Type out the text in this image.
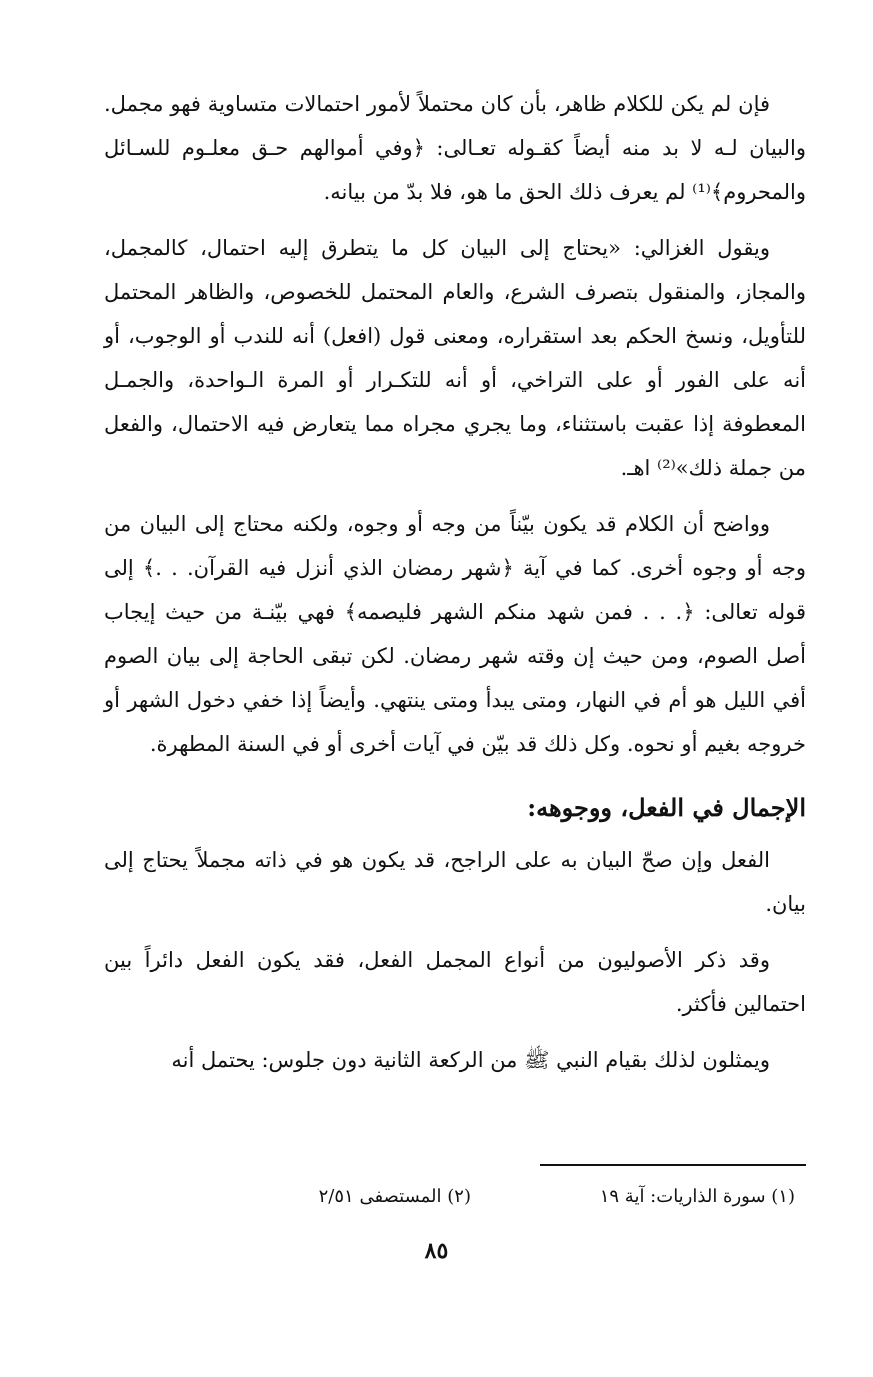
فإن لم يكن للكلام ظاهر، بأن كان محتملاً لأمور احتمالات متساوية فهو مجمل. والبيان لـه لا بد منه أيضاً كقـوله تعـالى: ﴿وفي أموالهم حـق معلـوم للسـائل والمحروم﴾⁽¹⁾ لم يعرف ذلك الحق ما هو، فلا بدّ من بيانه.

ويقول الغزالي: «يحتاج إلى البيان كل ما يتطرق إليه احتمال، كالمجمل، والمجاز، والمنقول بتصرف الشرع، والعام المحتمل للخصوص، والظاهر المحتمل للتأويل، ونسخ الحكم بعد استقراره، ومعنى قول (افعل) أنه للندب أو الوجوب، أو أنه على الفور أو على التراخي، أو أنه للتكـرار أو المرة الـواحدة، والجمـل المعطوفة إذا عقبت باستثناء، وما يجري مجراه مما يتعارض فيه الاحتمال، والفعل من جملة ذلك»⁽²⁾ اهـ.

وواضح أن الكلام قد يكون بيّناً من وجه أو وجوه، ولكنه محتاج إلى البيان من وجه أو وجوه أخرى. كما في آية ﴿شهر رمضان الذي أنزل فيه القرآن. . .﴾ إلى قوله تعالى: ﴿. . . فمن شهد منكم الشهر فليصمه﴾ فهي بيّنـة من حيث إيجاب أصل الصوم، ومن حيث إن وقته شهر رمضان. لكن تبقى الحاجة إلى بيان الصوم أفي الليل هو أم في النهار، ومتى يبدأ ومتى ينتهي. وأيضاً إذا خفي دخول الشهر أو خروجه بغيم أو نحوه. وكل ذلك قد بيّن في آيات أخرى أو في السنة المطهرة.

الإجمال في الفعل، ووجوهه:

الفعل وإن صحّ البيان به على الراجح، قد يكون هو في ذاته مجملاً يحتاج إلى بيان.

وقد ذكر الأصوليون من أنواع المجمل الفعل، فقد يكون الفعل دائراً بين احتمالين فأكثر.

ويمثلون لذلك بقيام النبي ﷺ من الركعة الثانية دون جلوس: يحتمل أنه

(١) سورة الذاريات: آية ١٩
(٢) المستصفى ٢/٥١
٨٥
